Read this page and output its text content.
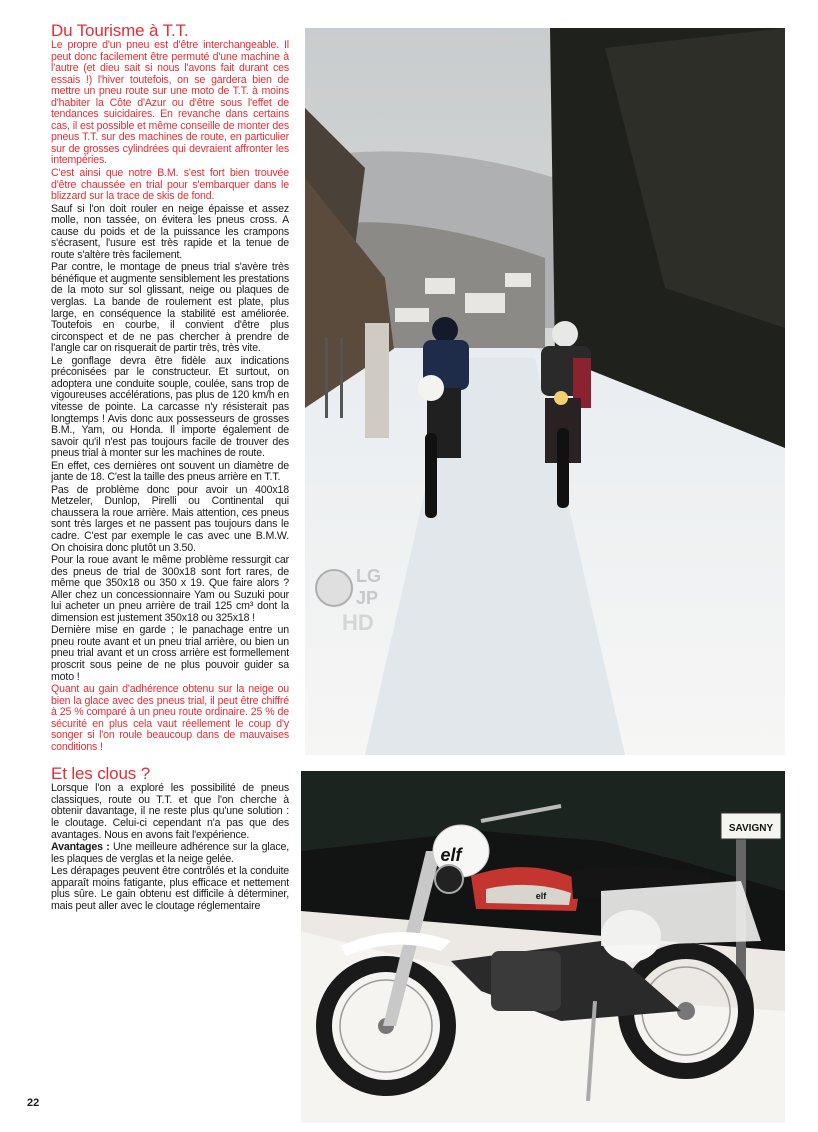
Du Tourisme à T.T.

Le propre d'un pneu est d'être interchangeable. Il peut donc facilement être permuté d'une machine à l'autre (et dieu sait si nous l'avons fait durant ces essais !) l'hiver toutefois, on se gardera bien de mettre un pneu route sur une moto de T.T. à moins d'habiter la Côte d'Azur ou d'être sous l'effet de tendances suicidaires. En revanche dans certains cas, il est possible et même conseille de monter des pneus T.T. sur des machines de route, en particulier sur de grosses cylindrées qui devraient affronter les intempéries.

C'est ainsi que notre B.M. s'est fort bien trouvée d'être chaussée en trial pour s'embarquer dans le blizzard sur la trace de skis de fond.

Sauf si l'on doit rouler en neige épaisse et assez molle, non tassée, on évitera les pneus cross. A cause du poids et de la puissance les crampons s'écrasent, l'usure est très rapide et la tenue de route s'altère très facilement.

Par contre, le montage de pneus trial s'avère très bénéfique et augmente sensiblement les prestations de la moto sur sol glissant, neige ou plaques de verglas. La bande de roulement est plate, plus large, en conséquence la stabilité est améliorée. Toutefois en courbe, il convient d'être plus circonspect et de ne pas chercher à prendre de l'angle car on risquerait de partir très, très vite.

Le gonflage devra être fidèle aux indications préconisées par le constructeur. Et surtout, on adoptera une conduite souple, coulée, sans trop de vigoureuses accélérations, pas plus de 120 km/h en vitesse de pointe. La carcasse n'y résisterait pas longtemps ! Avis donc aux possesseurs de grosses B.M., Yam, ou Honda. Il importe également de savoir qu'il n'est pas toujours facile de trouver des pneus trial à monter sur les machines de route.

En effet, ces dernières ont souvent un diamètre de jante de 18. C'est la taille des pneus arrière en T.T.

Pas de problème donc pour avoir un 400x18 Metzeler, Dunlop, Pirelli ou Continental qui chaussera la roue arrière. Mais attention, ces pneus sont très larges et ne passent pas toujours dans le cadre. C'est par exemple le cas avec une B.M.W. On choisira donc plutôt un 3.50.

Pour la roue avant le même problème ressurgit car des pneus de trial de 300x18 sont fort rares, de même que 350x18 ou 350 x 19. Que faire alors ? Aller chez un concessionnaire Yam ou Suzuki pour lui acheter un pneu arrière de trail 125 cm³ dont la dimension est justement 350x18 ou 325x18 !

Dernière mise en garde ; le panachage entre un pneu route avant et un pneu trial arrière, ou bien un pneu trial avant et un cross arrière est formellement proscrit sous peine de ne plus pouvoir guider sa moto !

Quant au gain d'adhérence obtenu sur la neige ou bien la glace avec des pneus trial, il peut être chiffré à 25 % comparé à un pneu route ordinaire. 25 % de sécurité en plus cela vaut réellement le coup d'y songer si l'on roule beaucoup dans de mauvaises conditions !

Et les clous ?

Lorsque l'on a exploré les possibilité de pneus classiques, route ou T.T. et que l'on cherche à obtenir davantage, il ne reste plus qu'une solution : le cloutage. Celui-ci cependant n'a pas que des avantages. Nous en avons fait l'expérience.

Avantages : Une meilleure adhérence sur la glace, les plaques de verglas et la neige gelée.

Les dérapages peuvent être contrôlés et la conduite apparaît moins fatigante, plus efficace et nettement plus sûre. Le gain obtenu est difficile à déterminer, mais peut aller avec le cloutage réglementaire

22
LG
JP
HD
SAVIGNY
elf
elf
